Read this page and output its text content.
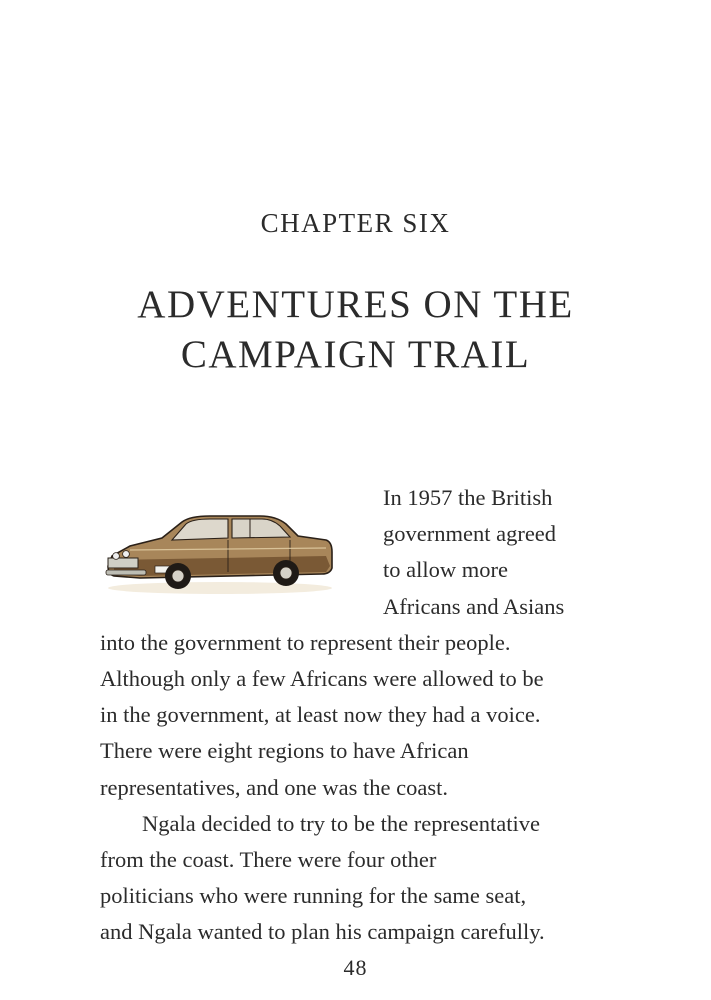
CHAPTER SIX
ADVENTURES ON THE
CAMPAIGN TRAIL

In 1957 the British
government agreed
to allow more
Africans and Asians
into the government to represent their people.
Although only a few Africans were allowed to be
in the government, at least now they had a voice.
There were eight regions to have African
representatives, and one was the coast.

Ngala decided to try to be the representative
from the coast. There were four other
politicians who were running for the same seat,
and Ngala wanted to plan his campaign carefully.

48
